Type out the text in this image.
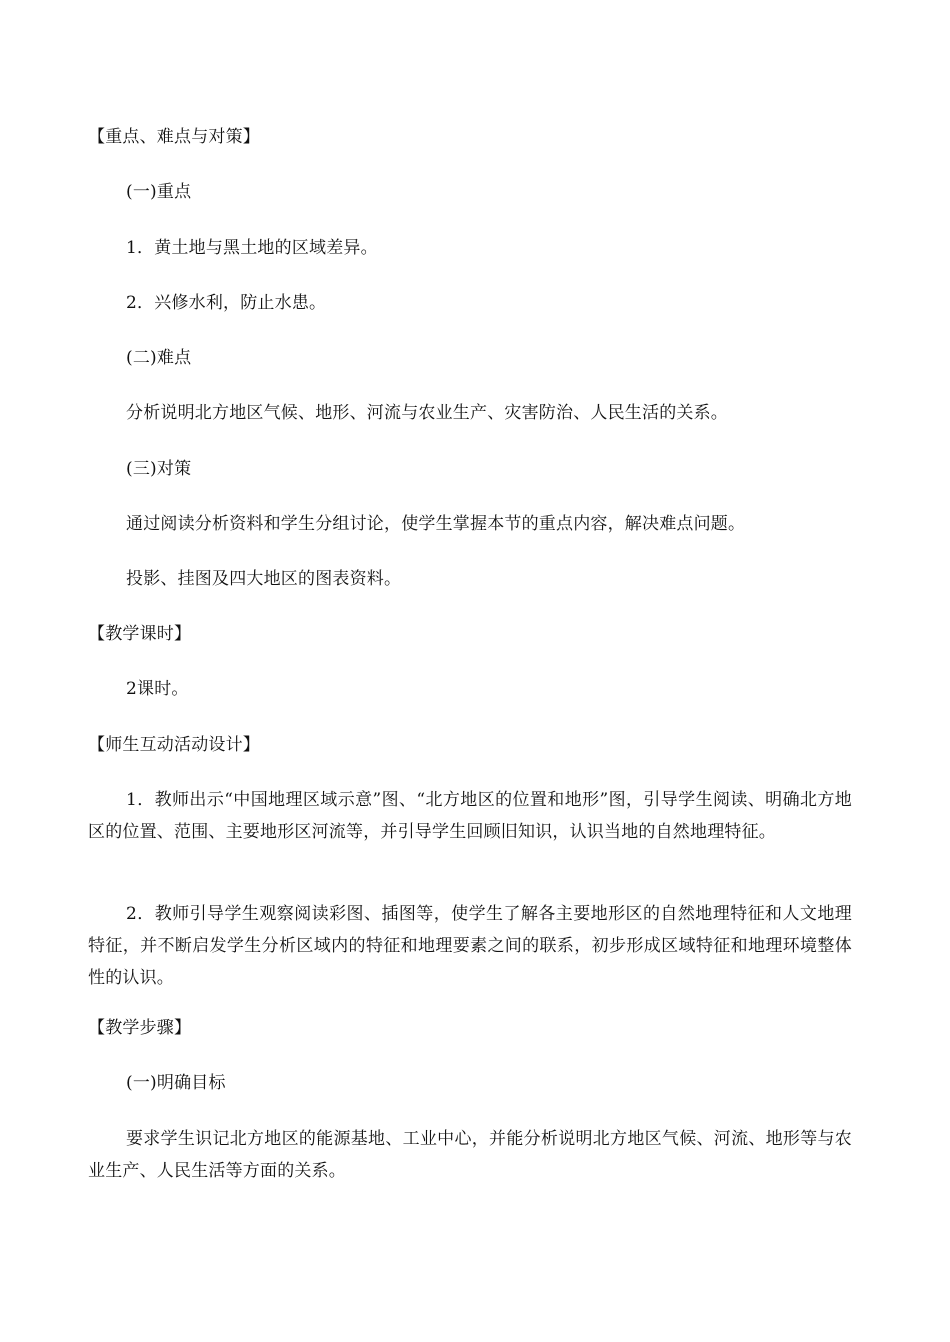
【重点、难点与对策】
(一)重点
1．黄土地与黑土地的区域差异。
2．兴修水利，防止水患。
(二)难点
分析说明北方地区气候、地形、河流与农业生产、灾害防治、人民生活的关系。
(三)对策
通过阅读分析资料和学生分组讨论，使学生掌握本节的重点内容，解决难点问题。
投影、挂图及四大地区的图表资料。
【教学课时】
2课时。
【师生互动活动设计】
1．教师出示“中国地理区域示意”图、“北方地区的位置和地形”图，引导学生阅读、明确北方地区的位置、范围、主要地形区河流等，并引导学生回顾旧知识，认识当地的自然地理特征。
2．教师引导学生观察阅读彩图、插图等，使学生了解各主要地形区的自然地理特征和人文地理特征，并不断启发学生分析区域内的特征和地理要素之间的联系，初步形成区域特征和地理环境整体性的认识。
【教学步骤】
(一)明确目标
要求学生识记北方地区的能源基地、工业中心，并能分析说明北方地区气候、河流、地形等与农业生产、人民生活等方面的关系。
